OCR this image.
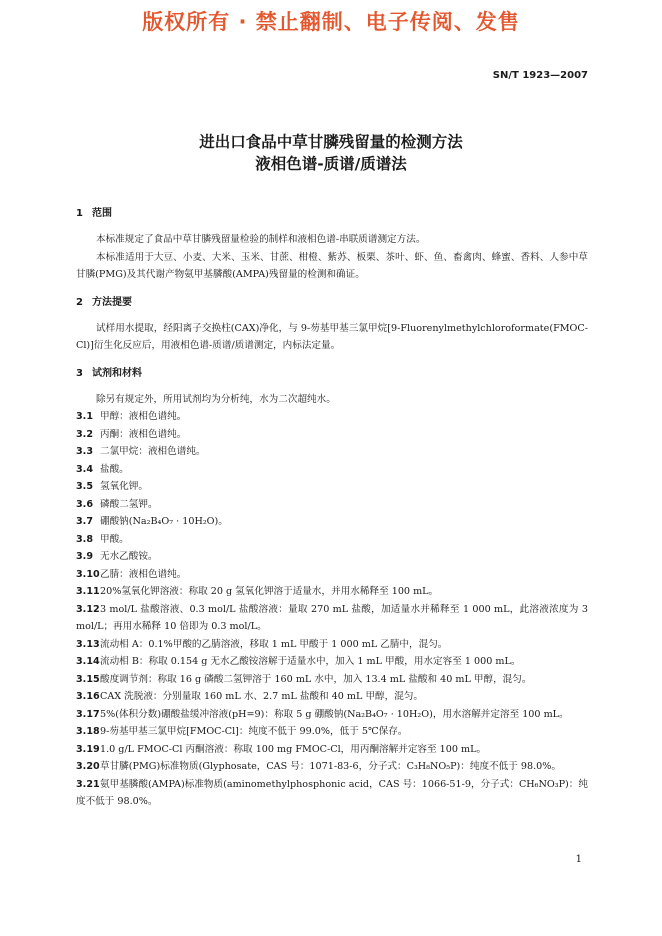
版权所有 · 禁止翻制、电子传阅、发售
SN/T 1923—2007
进出口食品中草甘膦残留量的检测方法
液相色谱-质谱/质谱法
1 范围
本标准规定了食品中草甘膦残留量检验的制样和液相色谱-串联质谱测定方法。
本标准适用于大豆、小麦、大米、玉米、甘蔗、柑橙、紫苏、板栗、茶叶、虾、鱼、畜禽肉、蜂蜜、香料、人参中草甘膦(PMG)及其代谢产物氨甲基膦酸(AMPA)残留量的检测和确证。
2 方法提要
试样用水提取，经阳离子交换柱(CAX)净化，与 9-芴基甲基三氯甲烷[9-Fluorenylmethylchloroformate(FMOC-Cl)]衍生化反应后，用液相色谱-质谱/质谱测定，内标法定量。
3 试剂和材料
除另有规定外，所用试剂均为分析纯，水为二次超纯水。
3.1 甲醇：液相色谱纯。
3.2 丙酮：液相色谱纯。
3.3 二氯甲烷：液相色谱纯。
3.4 盐酸。
3.5 氢氧化钾。
3.6 磷酸二氢钾。
3.7 硼酸钠(Na₂B₄O₇ · 10H₂O)。
3.8 甲酸。
3.9 无水乙酸铵。
3.10乙腈：液相色谱纯。
3.1120%氢氧化钾溶液：称取 20 g 氢氧化钾溶于适量水，并用水稀释至 100 mL。
3.123 mol/L 盐酸溶液、0.3 mol/L 盐酸溶液：量取 270 mL 盐酸，加适量水并稀释至 1 000 mL，此溶液浓度为 3 mol/L；再用水稀释 10 倍即为 0.3 mol/L。
3.13流动相 A：0.1%甲酸的乙腈溶液，移取 1 mL 甲酸于 1 000 mL 乙腈中，混匀。
3.14流动相 B：称取 0.154 g 无水乙酸铵溶解于适量水中，加入 1 mL 甲酸，用水定容至 1 000 mL。
3.15酸度调节剂：称取 16 g 磷酸二氢钾溶于 160 mL 水中，加入 13.4 mL 盐酸和 40 mL 甲醇，混匀。
3.16CAX 洗脱液：分别量取 160 mL 水、2.7 mL 盐酸和 40 mL 甲醇，混匀。
3.175%(体积分数)硼酸盐缓冲溶液(pH=9)：称取 5 g 硼酸钠(Na₂B₄O₇ · 10H₂O)，用水溶解并定溶至 100 mL。
3.189-芴基甲基三氯甲烷[FMOC-Cl]：纯度不低于 99.0%，低于 5℃保存。
3.191.0 g/L FMOC-Cl 丙酮溶液：称取 100 mg FMOC-Cl，用丙酮溶解并定容至 100 mL。
3.20草甘膦(PMG)标准物质(Glyphosate，CAS 号：1071-83-6，分子式：C₃H₈NO₅P)：纯度不低于 98.0%。
3.21氨甲基膦酸(AMPA)标准物质(aminomethylphosphonic acid，CAS 号：1066-51-9，分子式：CH₆NO₃P)：纯度不低于 98.0%。
1
